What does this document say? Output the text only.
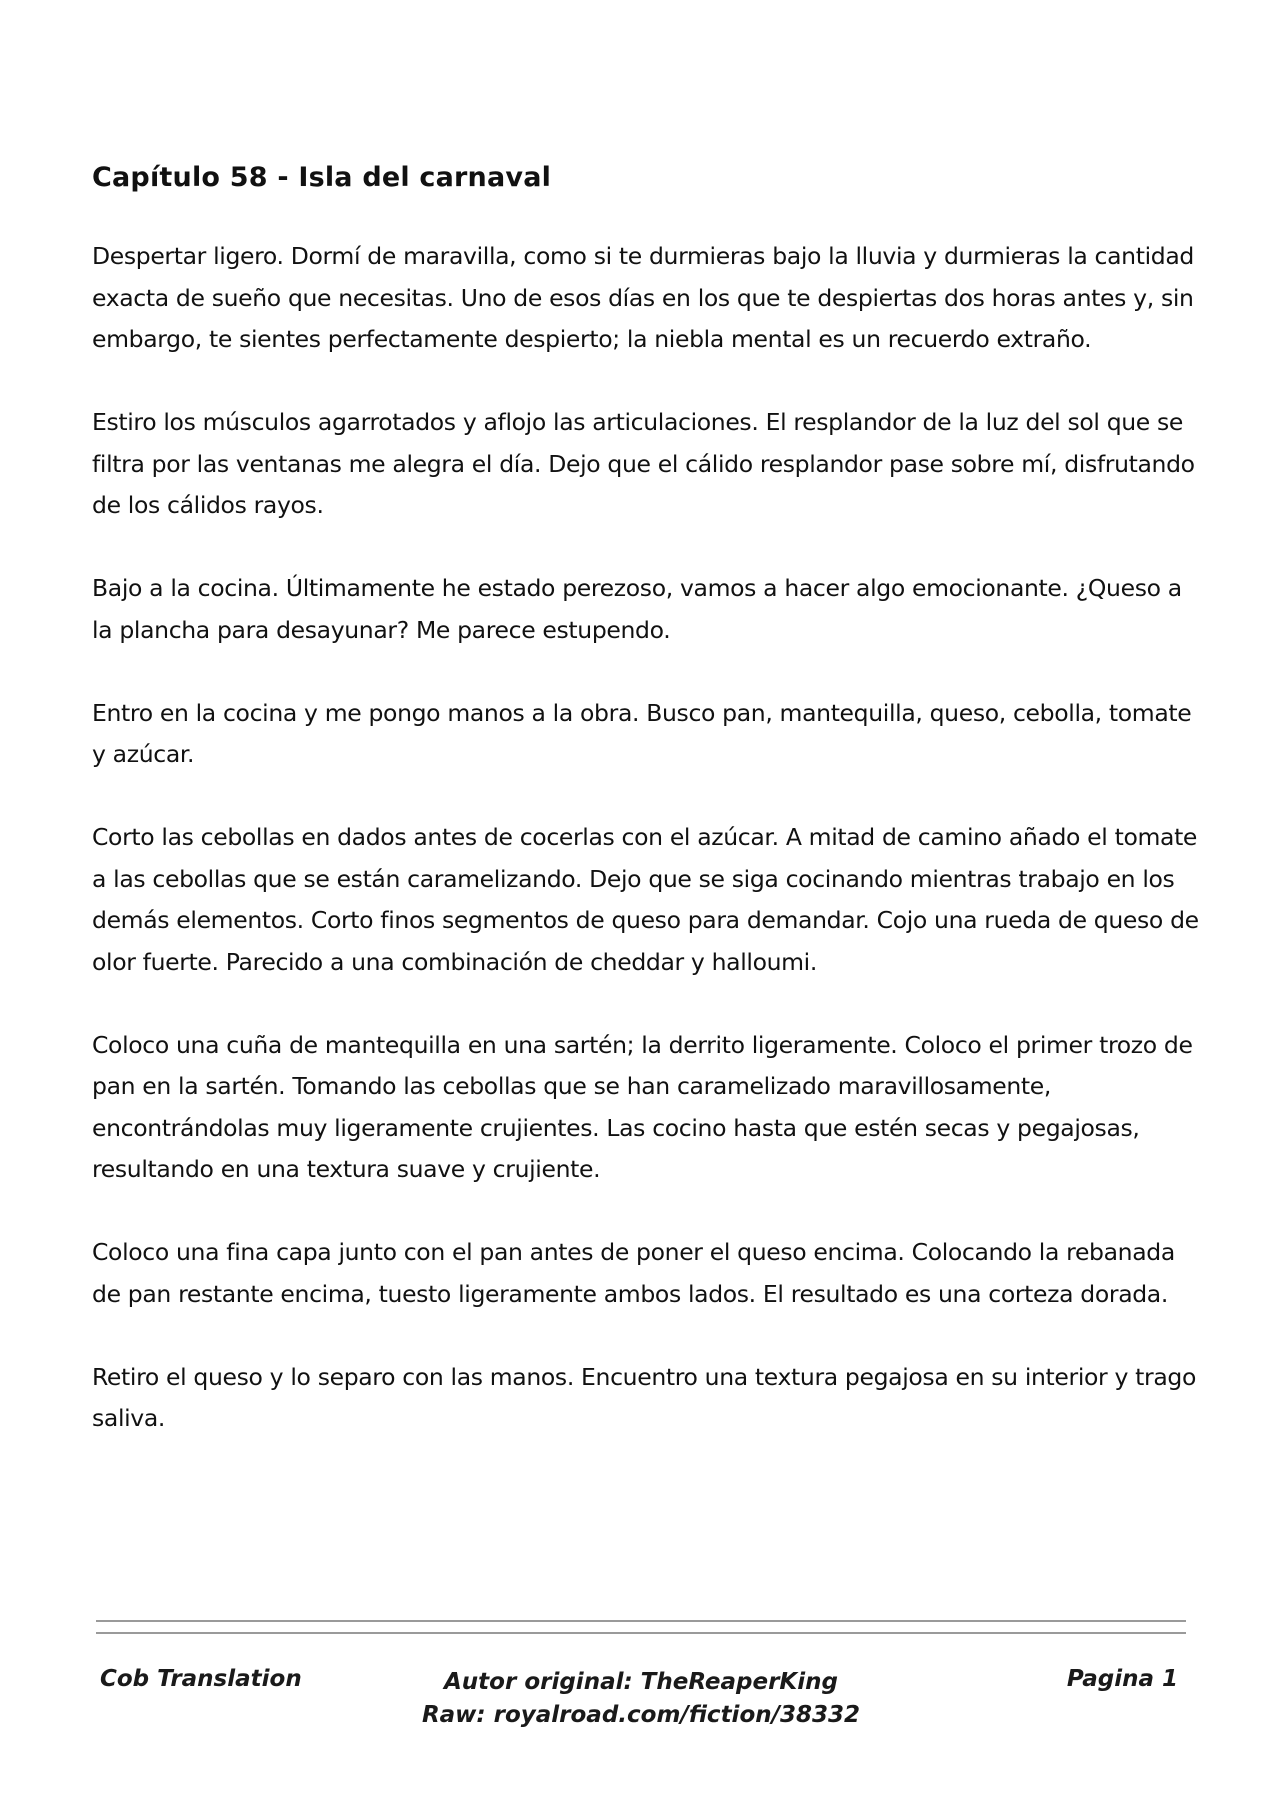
Capítulo 58 - Isla del carnaval

Despertar ligero. Dormí de maravilla, como si te durmieras bajo la lluvia y durmieras la cantidad exacta de sueño que necesitas. Uno de esos días en los que te despiertas dos horas antes y, sin embargo, te sientes perfectamente despierto; la niebla mental es un recuerdo extraño.

Estiro los músculos agarrotados y aflojo las articulaciones. El resplandor de la luz del sol que se filtra por las ventanas me alegra el día. Dejo que el cálido resplandor pase sobre mí, disfrutando de los cálidos rayos.

Bajo a la cocina. Últimamente he estado perezoso, vamos a hacer algo emocionante. ¿Queso a la plancha para desayunar? Me parece estupendo.

Entro en la cocina y me pongo manos a la obra. Busco pan, mantequilla, queso, cebolla, tomate y azúcar.

Corto las cebollas en dados antes de cocerlas con el azúcar. A mitad de camino añado el tomate a las cebollas que se están caramelizando. Dejo que se siga cocinando mientras trabajo en los demás elementos. Corto finos segmentos de queso para demandar. Cojo una rueda de queso de olor fuerte. Parecido a una combinación de cheddar y halloumi.

Coloco una cuña de mantequilla en una sartén; la derrito ligeramente. Coloco el primer trozo de pan en la sartén. Tomando las cebollas que se han caramelizado maravillosamente, encontrándolas muy ligeramente crujientes. Las cocino hasta que estén secas y pegajosas, resultando en una textura suave y crujiente.

Coloco una fina capa junto con el pan antes de poner el queso encima. Colocando la rebanada de pan restante encima, tuesto ligeramente ambos lados. El resultado es una corteza dorada.

Retiro el queso y lo separo con las manos. Encuentro una textura pegajosa en su interior y trago saliva.

Cob Translation	Autor original: TheReaperKing
Raw: royalroad.com/fiction/38332
Pagina 1
